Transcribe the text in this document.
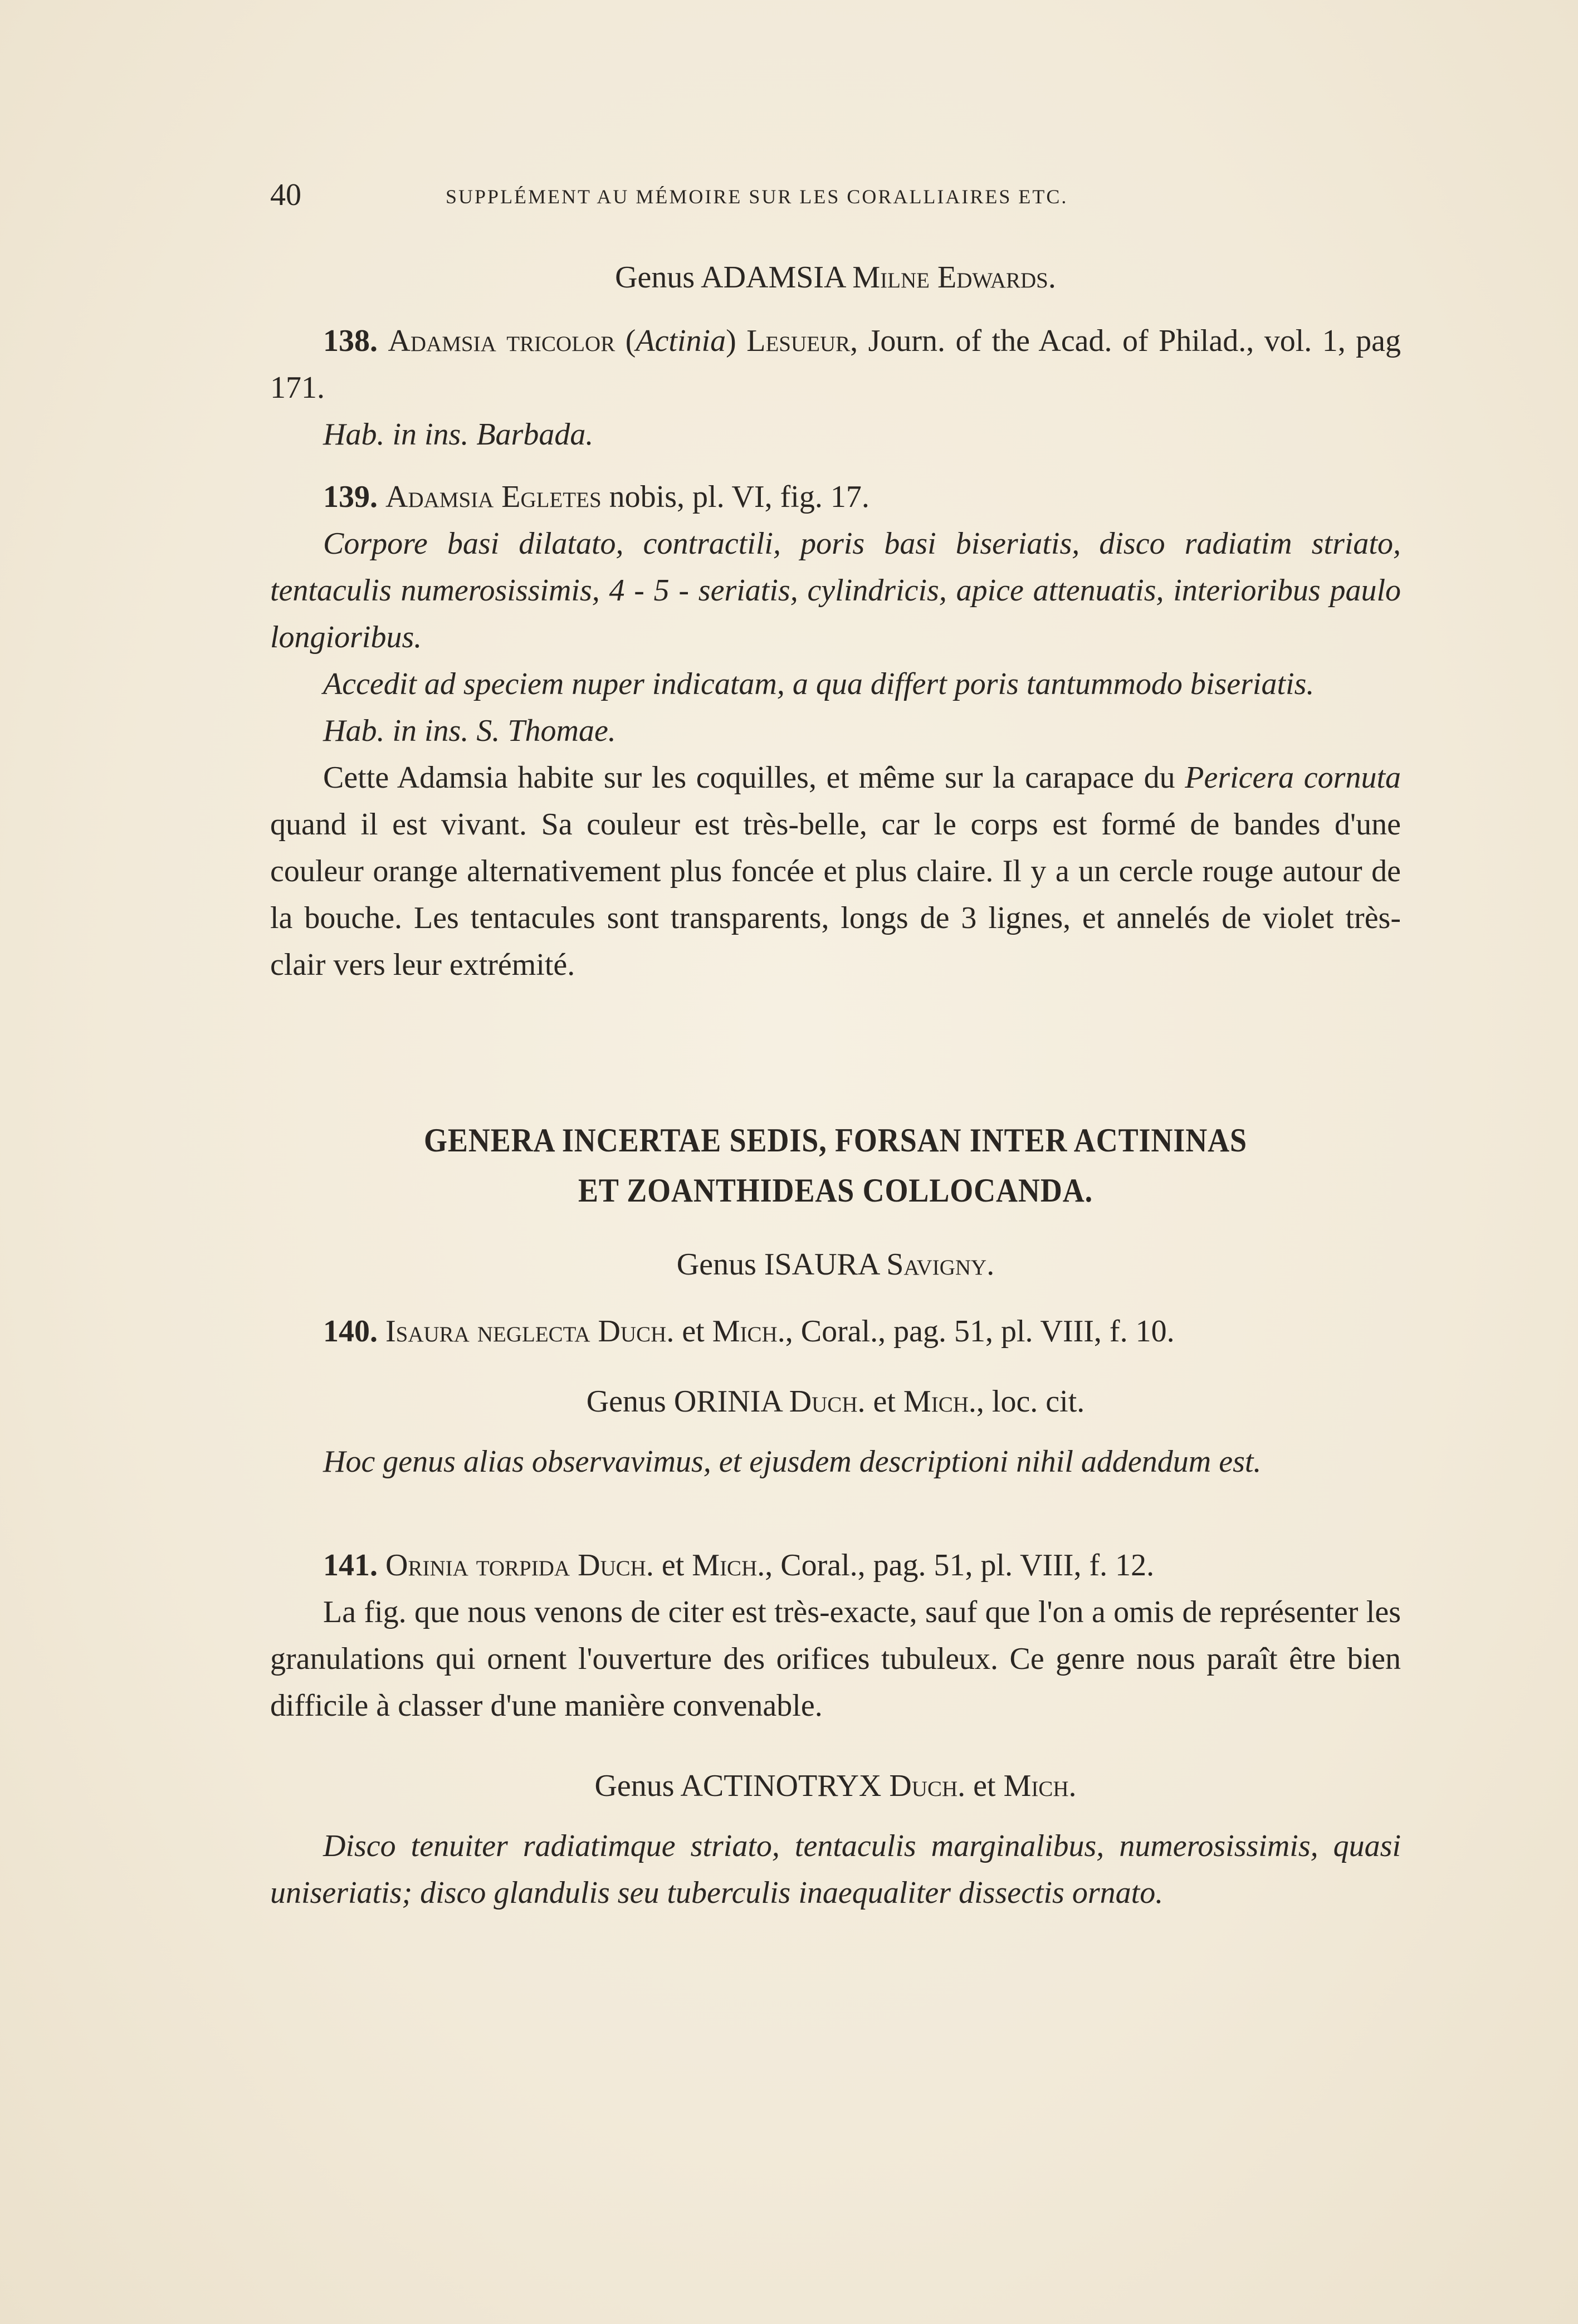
40	SUPPLÉMENT AU MÉMOIRE SUR LES CORALLIAIRES ETC.

Genus ADAMSIA Milne Edwards.

138. Adamsia tricolor (Actinia) Lesueur, Journ. of the Acad. of Philad., vol. 1, pag 171.
Hab. in ins. Barbada.
139. Adamsia Egletes nobis, pl. VI, fig. 17.
Corpore basi dilatato, contractili, poris basi biseriatis, disco radiatim striato, tentaculis numerosissimis, 4 - 5 - seriatis, cylindricis, apice attenuatis, interioribus paulo longioribus.
Accedit ad speciem nuper indicatam, a qua differt poris tantummodo biseriatis.
Hab. in ins. S. Thomae.
Cette Adamsia habite sur les coquilles, et même sur la carapace du Pericera cornuta quand il est vivant. Sa couleur est très-belle, car le corps est formé de bandes d'une couleur orange alternativement plus foncée et plus claire. Il y a un cercle rouge autour de la bouche. Les tentacules sont transparents, longs de 3 lignes, et annelés de violet très-clair vers leur extrémité.
GENERA INCERTAE SEDIS, FORSAN INTER ACTININAS
ET ZOANTHIDEAS COLLOCANDA.

Genus ISAURA Savigny.

140. Isaura neglecta Duch. et Mich., Coral., pag. 51, pl. VIII, f. 10.

Genus ORINIA Duch. et Mich., loc. cit.

Hoc genus alias observavimus, et ejusdem descriptioni nihil addendum est.
141. Orinia torpida Duch. et Mich., Coral., pag. 51, pl. VIII, f. 12.
La fig. que nous venons de citer est très-exacte, sauf que l'on a omis de représenter les granulations qui ornent l'ouverture des orifices tubuleux. Ce genre nous paraît être bien difficile à classer d'une manière convenable.

Genus ACTINOTRYX Duch. et Mich.

Disco tenuiter radiatimque striato, tentaculis marginalibus, numerosissimis, quasi uniseriatis; disco glandulis seu tuberculis inaequaliter dissectis ornato.
